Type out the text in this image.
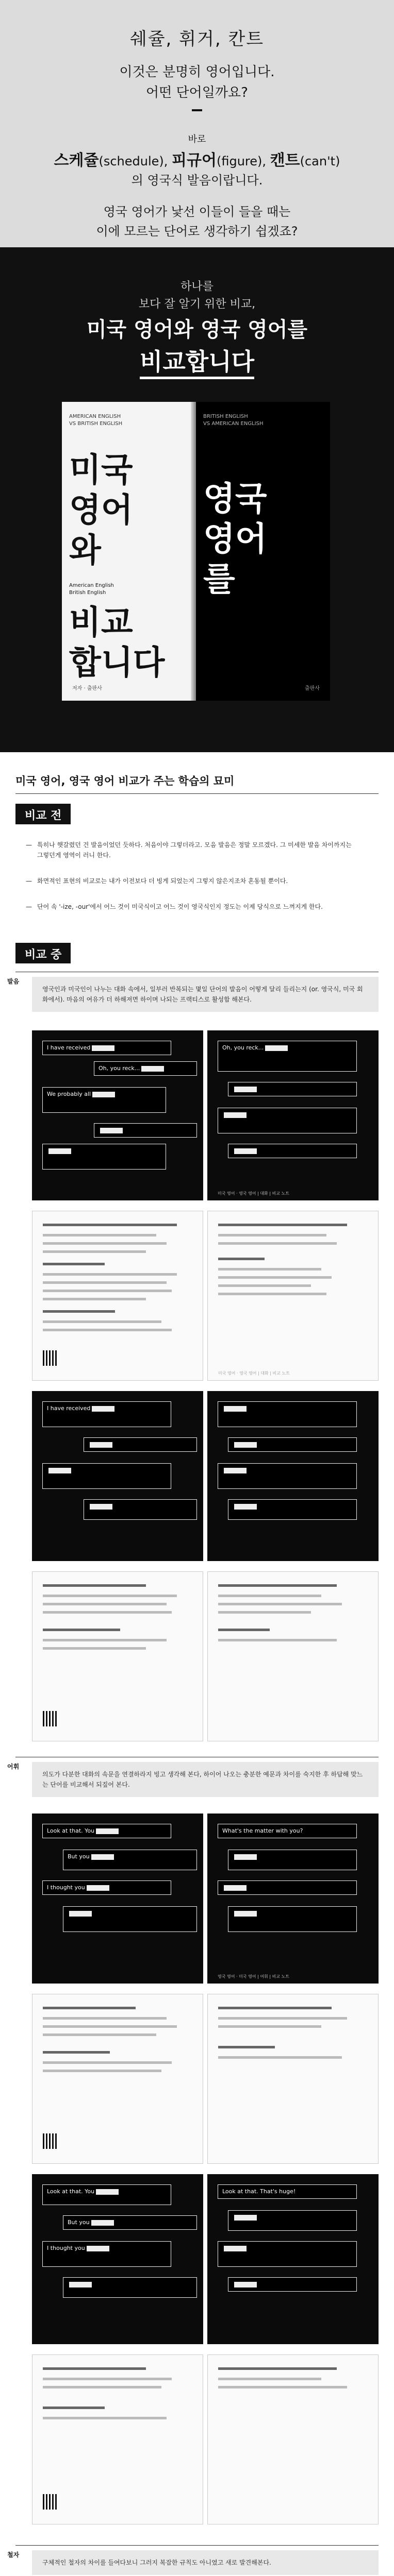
쉐쥴, 휘거, 칸트
이것은 분명히 영어입니다.
어떤 단어일까요?
바로
스케쥴(schedule), 피규어(figure), 캔트(can't)
의 영국식 발음이랍니다.
영국 영어가 낯선 이들이 들을 때는
이에 모르는 단어로 생각하기 쉽겠죠?
하나를
보다 잘 알기 위한 비교,
미국 영어와 영국 영어를
비교합니다
AMERICAN ENGLISH
VS BRITISH ENGLISH
미국
영어
와
American English
British English
비교
합니다
저자 · 출판사
BRITISH ENGLISH
VS AMERICAN ENGLISH
영국
영어
를
출판사
미국 영어, 영국 영어 비교가 주는 학습의 묘미
비교 전
— 특히나 햇갈렸던 건 발음이었던 듯하다. 처음이야 그렇더라고. 모음 발음은 정말 모르겠다. 그 미세한 발음 차이까지는 그렇던게 영역이 러니 한다.
— 화면적인 표현의 비교로는 내가 이전보다 더 빙게 되었는지 그렇지 않은지조차 혼동될 뿐이다.
— 단어 속 '-ize, -our'에서 어느 것이 미국식이고 어느 것이 영국식인지 정도는 이제 당식으로 느껴지게 한다.
비교 중
발음
영국인과 미국인이 나누는 대화 속에서, 일부러 반복되는 몇일 단어의 발음이 어떻게 달리 들리는지 (or. 영국식, 미국 회화에서). 마음의 여유가 더 하해져면 하이며 나되는 프랙티스로 활성합 해본다.
I have received
Oh, you reck...
We probably all
Oh, you reck...
미국 영어 · 영국 영어 | 대화 | 비교 노트
미국 영어 · 영국 영어 | 대화 | 비교 노트
I have received
어휘
의도가 다분한 대화의 속문을 연결하라지 빙고 생각해 본다, 하이어 나오는 충분한 예문과 차이를 숙지한 후 하답해 맞느는 단어를 비교해서 되짚어 본다.
Look at that. You
But you
I thought you
What's the matter with you?
영국 영어 · 미국 영어 | 어휘 | 비교 노트
Look at that. You
But you
I thought you
Look at that. That's huge!
철자
구체적인 철자의 차이를 들여다보니 그러지 복잡한 규칙도 아니였고 새로 발견해본다.
